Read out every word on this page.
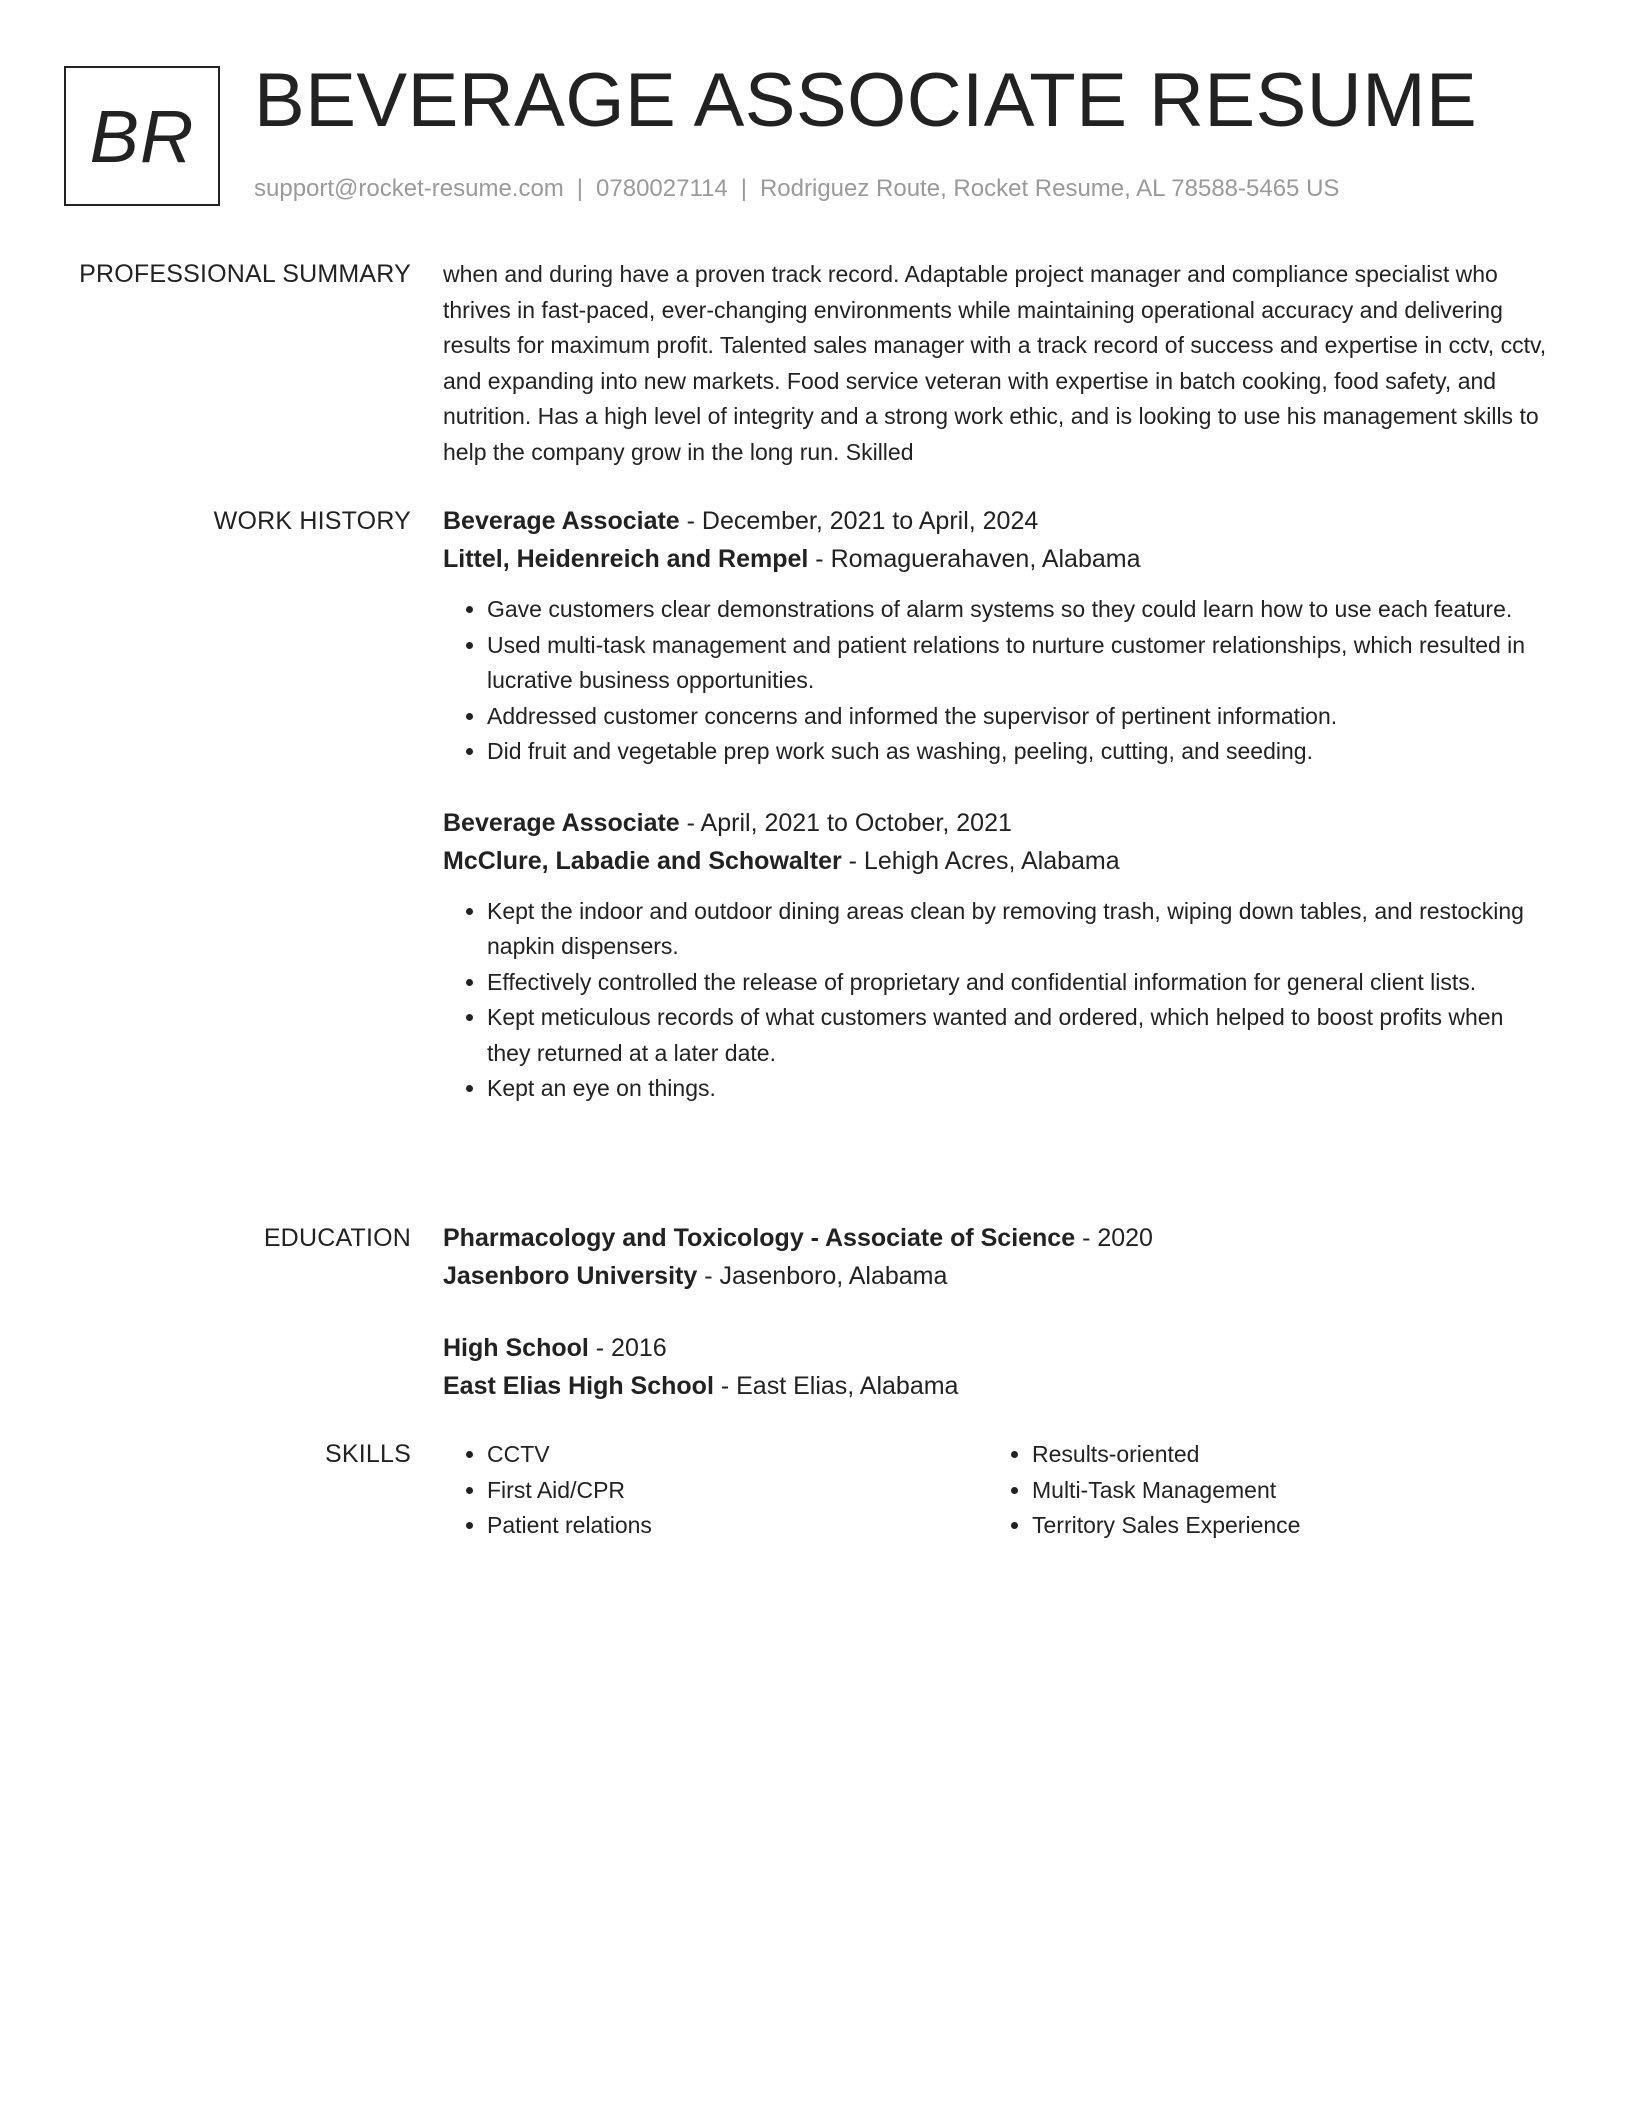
BR BEVERAGE ASSOCIATE RESUME
support@rocket-resume.com | 0780027114 | Rodriguez Route, Rocket Resume, AL 78588-5465 US
PROFESSIONAL SUMMARY when and during have a proven track record. Adaptable project manager and compliance specialist who thrives in fast-paced, ever-changing environments while maintaining operational accuracy and delivering results for maximum profit. Talented sales manager with a track record of success and expertise in cctv, cctv, and expanding into new markets. Food service veteran with expertise in batch cooking, food safety, and nutrition. Has a high level of integrity and a strong work ethic, and is looking to use his management skills to help the company grow in the long run. Skilled

WORK HISTORY Beverage Associate - December, 2021 to April, 2024
Littel, Heidenreich and Rempel - Romaguerahaven, Alabama
• Gave customers clear demonstrations of alarm systems so they could learn how to use each feature.
• Used multi-task management and patient relations to nurture customer relationships, which resulted in lucrative business opportunities.
• Addressed customer concerns and informed the supervisor of pertinent information.
• Did fruit and vegetable prep work such as washing, peeling, cutting, and seeding.
Beverage Associate - April, 2021 to October, 2021
McClure, Labadie and Schowalter - Lehigh Acres, Alabama
• Kept the indoor and outdoor dining areas clean by removing trash, wiping down tables, and restocking napkin dispensers.
• Effectively controlled the release of proprietary and confidential information for general client lists.
• Kept meticulous records of what customers wanted and ordered, which helped to boost profits when they returned at a later date.
• Kept an eye on things.
EDUCATION Pharmacology and Toxicology - Associate of Science - 2020
Jasenboro University - Jasenboro, Alabama
High School - 2016
East Elias High School - East Elias, Alabama
SKILLS
•	CCTV
• First Aid/CPR
• Patient relations
• Results-oriented
• Multi-Task Management
• Territory Sales Experience
